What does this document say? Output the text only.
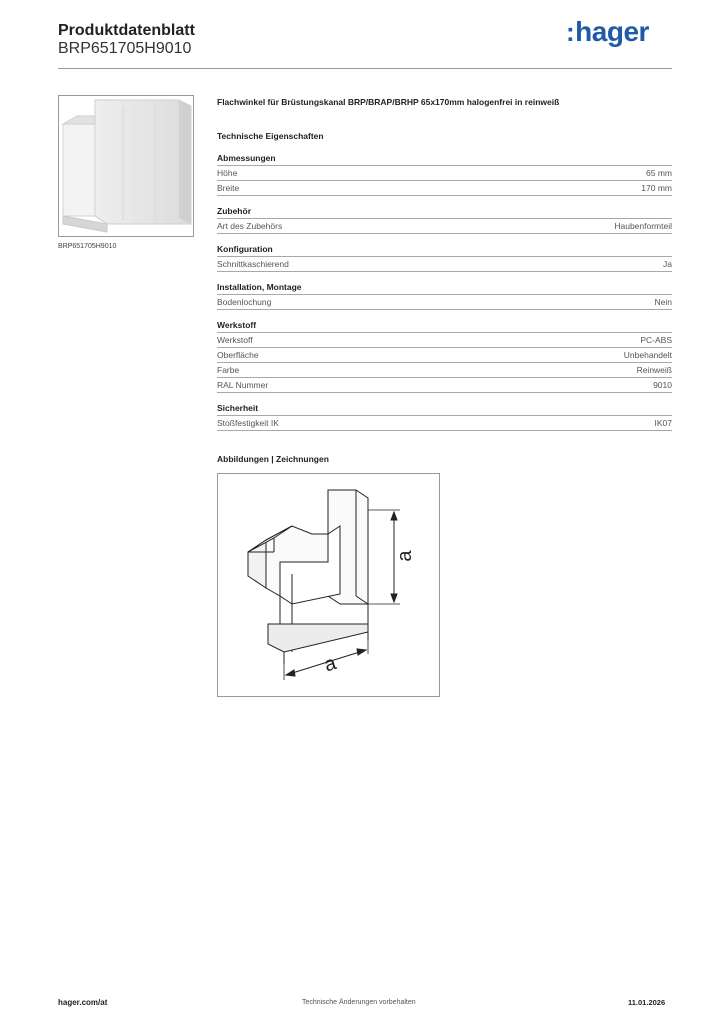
Produktdatenblatt
BRP651705H9010
:hager
BRP651705H9010
Flachwinkel für Brüstungskanal BRP/BRAP/BRHP 65x170mm halogenfrei in reinweiß
Technische Eigenschaften
Abmessungen
Höhe	65 mm
Breite	170 mm
Zubehör
Art des Zubehörs	Haubenformteil
Konfiguration
Schnittkaschierend	Ja
Installation, Montage
Bodenlochung	Nein
Werkstoff
Werkstoff	PC-ABS
Oberfläche	Unbehandelt
Farbe	Reinweiß
RAL Nummer	9010
Sicherheit
Stoßfestigkeit IK	IK07
Abbildungen | Zeichnungen
a
a
hager.com/at	Technische Änderungen vorbehalten	11.01.2026
